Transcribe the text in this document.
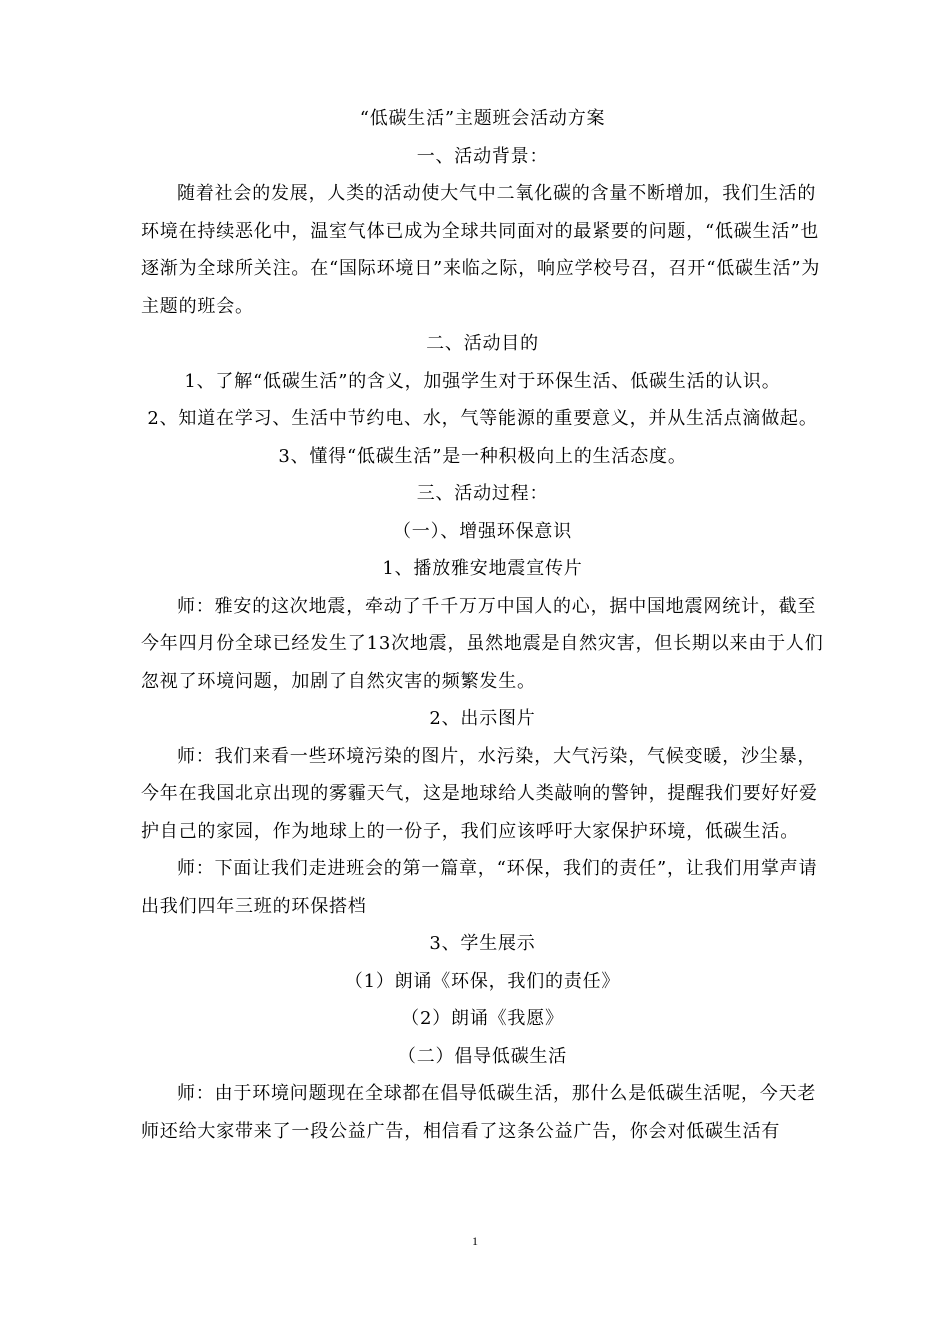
“低碳生活”主题班会活动方案

一、活动背景：

随着社会的发展，人类的活动使大气中二氧化碳的含量不断增加，我们生活的环境在持续恶化中，温室气体已成为全球共同面对的最紧要的问题，“低碳生活”也逐渐为全球所关注。在“国际环境日”来临之际，响应学校号召，召开“低碳生活”为主题的班会。

二、活动目的

1、了解“低碳生活”的含义，加强学生对于环保生活、低碳生活的认识。

2、知道在学习、生活中节约电、水，气等能源的重要意义，并从生活点滴做起。

3、懂得“低碳生活”是一种积极向上的生活态度。

三、活动过程：

（一）、增强环保意识

1、播放雅安地震宣传片

师：雅安的这次地震，牵动了千千万万中国人的心，据中国地震网统计，截至今年四月份全球已经发生了13次地震，虽然地震是自然灾害，但长期以来由于人们忽视了环境问题，加剧了自然灾害的频繁发生。

2、出示图片

师：我们来看一些环境污染的图片，水污染，大气污染，气候变暖，沙尘暴，今年在我国北京出现的雾霾天气，这是地球给人类敲响的警钟，提醒我们要好好爱护自己的家园，作为地球上的一份子，我们应该呼吁大家保护环境，低碳生活。

师：下面让我们走进班会的第一篇章，“环保，我们的责任”，让我们用掌声请出我们四年三班的环保搭档

3、学生展示

（1）朗诵《环保，我们的责任》

（2）朗诵《我愿》

（二）倡导低碳生活

师：由于环境问题现在全球都在倡导低碳生活，那什么是低碳生活呢，今天老师还给大家带来了一段公益广告，相信看了这条公益广告，你会对低碳生活有

1
